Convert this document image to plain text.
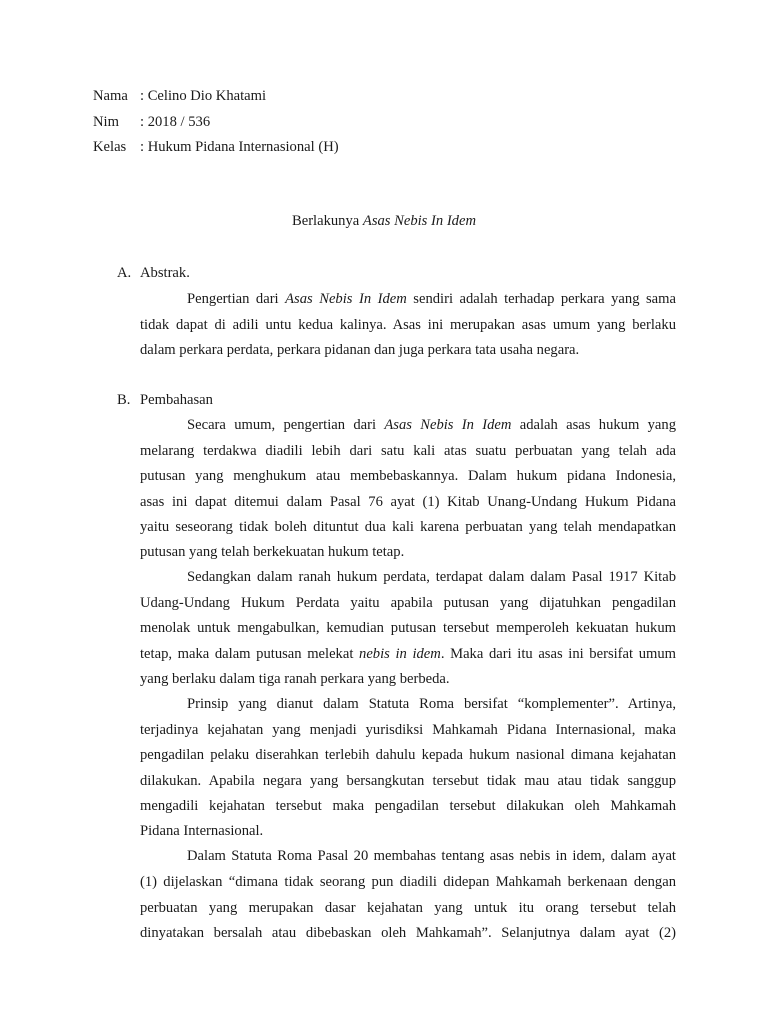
Nama : Celino Dio Khatami
Nim : 2018 / 536
Kelas : Hukum Pidana Internasional (H)
Berlakunya Asas Nebis In Idem
A. Abstrak.
Pengertian dari Asas Nebis In Idem sendiri adalah terhadap perkara yang sama
tidak dapat di adili untu kedua kalinya. Asas ini merupakan asas umum yang berlaku
dalam perkara perdata, perkara pidanan dan juga perkara tata usaha negara.
B. Pembahasan
Secara umum, pengertian dari Asas Nebis In Idem adalah asas hukum yang
melarang terdakwa diadili lebih dari satu kali atas suatu perbuatan yang telah ada
putusan yang menghukum atau membebaskannya. Dalam hukum pidana Indonesia,
asas ini dapat ditemui dalam Pasal 76 ayat (1) Kitab Unang-Undang Hukum Pidana
yaitu seseorang tidak boleh dituntut dua kali karena perbuatan yang telah mendapatkan
putusan yang telah berkekuatan hukum tetap.
Sedangkan dalam ranah hukum perdata, terdapat dalam dalam Pasal 1917 Kitab
Udang-Undang Hukum Perdata yaitu apabila putusan yang dijatuhkan pengadilan
menolak untuk mengabulkan, kemudian putusan tersebut memperoleh kekuatan hukum
tetap, maka dalam putusan melekat nebis in idem. Maka dari itu asas ini bersifat umum
yang berlaku dalam tiga ranah perkara yang berbeda.
Prinsip yang dianut dalam Statuta Roma bersifat “komplementer”. Artinya,
terjadinya kejahatan yang menjadi yurisdiksi Mahkamah Pidana Internasional, maka
pengadilan pelaku diserahkan terlebih dahulu kepada hukum nasional dimana kejahatan
dilakukan. Apabila negara yang bersangkutan tersebut tidak mau atau tidak sanggup
mengadili kejahatan tersebut maka pengadilan tersebut dilakukan oleh Mahkamah
Pidana Internasional.
Dalam Statuta Roma Pasal 20 membahas tentang asas nebis in idem, dalam ayat
(1) dijelaskan “dimana tidak seorang pun diadili didepan Mahkamah berkenaan dengan
perbuatan yang merupakan dasar kejahatan yang untuk itu orang tersebut telah
dinyatakan bersalah atau dibebaskan oleh Mahkamah”. Selanjutnya dalam ayat (2)
